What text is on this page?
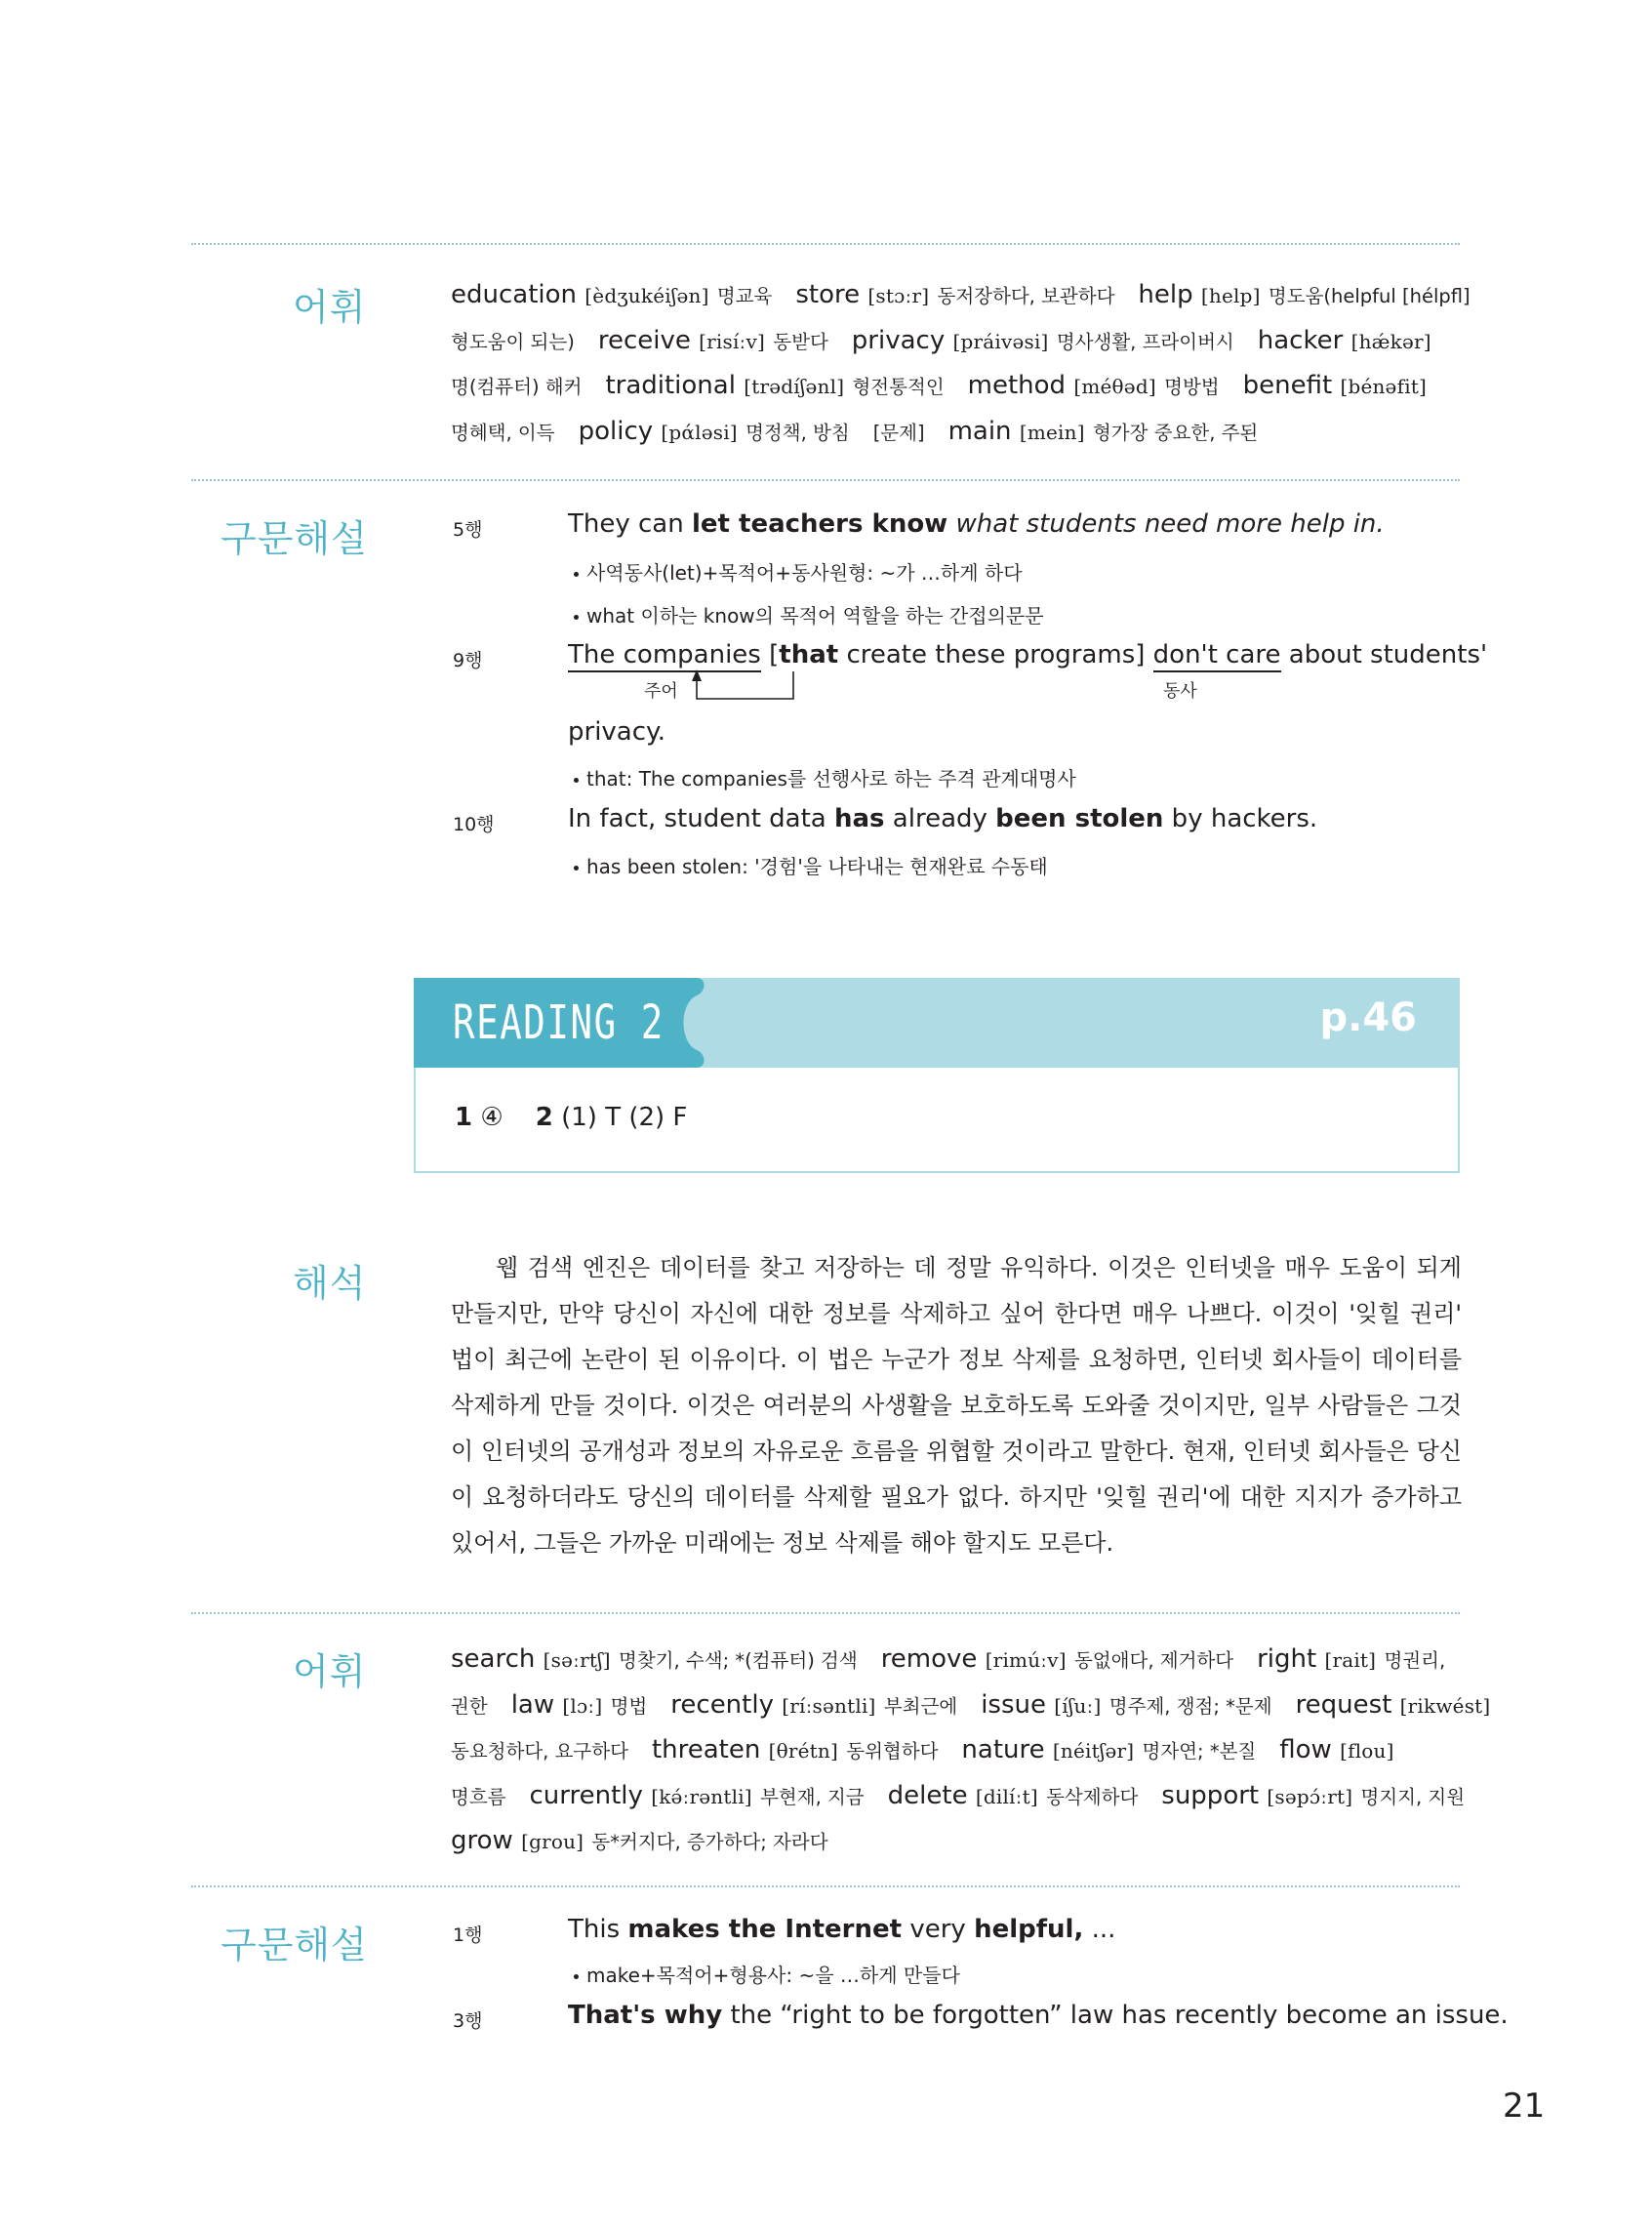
어휘	education [èdʒukéiʃən] 명교육 store [stɔːr] 동저장하다, 보관하다 help [help] 명도움(helpful [hélpfl]
형도움이 되는) receive [risíːv] 동받다 privacy [práivəsi] 명사생활, 프라이버시 hacker [hǽkər]
명(컴퓨터) 해커 traditional [trədíʃənl] 형전통적인 method [méθəd] 명방법 benefit [bénəfit]
명혜택, 이득 policy [pάləsi] 명정책, 방침 [문제] main [mein] 형가장 중요한, 주된
구문해설	5행	They can let teachers know what students need more help in.
사역동사(let)+목적어+동사원형: ~가 …하게 하다
what 이하는 know의 목적어 역할을 하는 간접의문문
9행	The companies [that create these programs] don't care about students'
주어	동사
privacy.
that: The companies를 선행사로 하는 주격 관계대명사
10행	In fact, student data has already been stolen by hackers.
has been stolen: '경험'을 나타내는 현재완료 수동태
READING 2	p.46
1 ④ 2 (1) T (2) F
해석	웹 검색 엔진은 데이터를 찾고 저장하는 데 정말 유익하다. 이것은 인터넷을 매우 도움이 되게 만들지만, 만약 당신이 자신에 대한 정보를 삭제하고 싶어 한다면 매우 나쁘다. 이것이 '잊힐 권리' 법이 최근에 논란이 된 이유이다. 이 법은 누군가 정보 삭제를 요청하면, 인터넷 회사들이 데이터를 삭제하게 만들 것이다. 이것은 여러분의 사생활을 보호하도록 도와줄 것이지만, 일부 사람들은 그것이 인터넷의 공개성과 정보의 자유로운 흐름을 위협할 것이라고 말한다. 현재, 인터넷 회사들은 당신이 요청하더라도 당신의 데이터를 삭제할 필요가 없다. 하지만 '잊힐 권리'에 대한 지지가 증가하고 있어서, 그들은 가까운 미래에는 정보 삭제를 해야 할지도 모른다.
어휘	search [səːrtʃ] 명찾기, 수색; *(컴퓨터) 검색 remove [rimúːv] 동없애다, 제거하다 right [rait] 명권리,
권한 law [lɔː] 명법 recently [ríːsəntli] 부최근에 issue [íʃuː] 명주제, 쟁점; *문제 request [rikwést]
동요청하다, 요구하다 threaten [θrétn] 동위협하다 nature [néitʃər] 명자연; *본질 flow [flou]
명흐름 currently [kə́ːrəntli] 부현재, 지금 delete [dilíːt] 동삭제하다 support [səpɔ́ːrt] 명지지, 지원
grow [grou] 동*커지다, 증가하다; 자라다
구문해설	1행	This makes the Internet very helpful, ...
make+목적어+형용사: ~을 …하게 만들다
3행	That's why the “right to be forgotten” law has recently become an issue.
21
